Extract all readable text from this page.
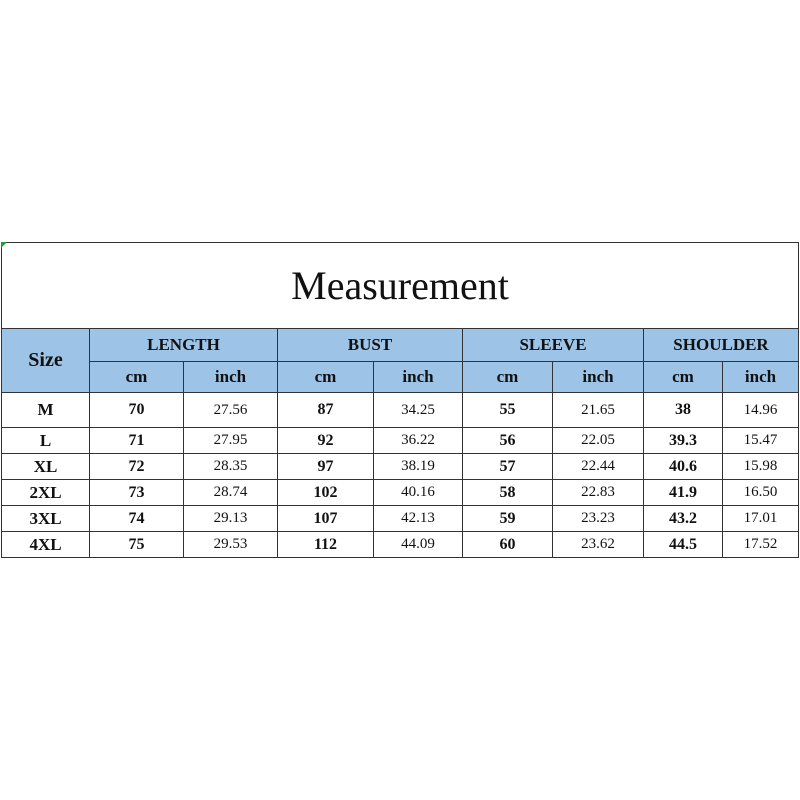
Measurement								
Size	LENGTH		BUST		SLEEVE		SHOULDER	
	cm	inch	cm	inch	cm	inch	cm	inch
M	70	27.56	87	34.25	55	21.65	38	14.96
L	71	27.95	92	36.22	56	22.05	39.3	15.47
XL	72	28.35	97	38.19	57	22.44	40.6	15.98
2XL	73	28.74	102	40.16	58	22.83	41.9	16.50
3XL	74	29.13	107	42.13	59	23.23	43.2	17.01
4XL	75	29.53	112	44.09	60	23.62	44.5	17.52
